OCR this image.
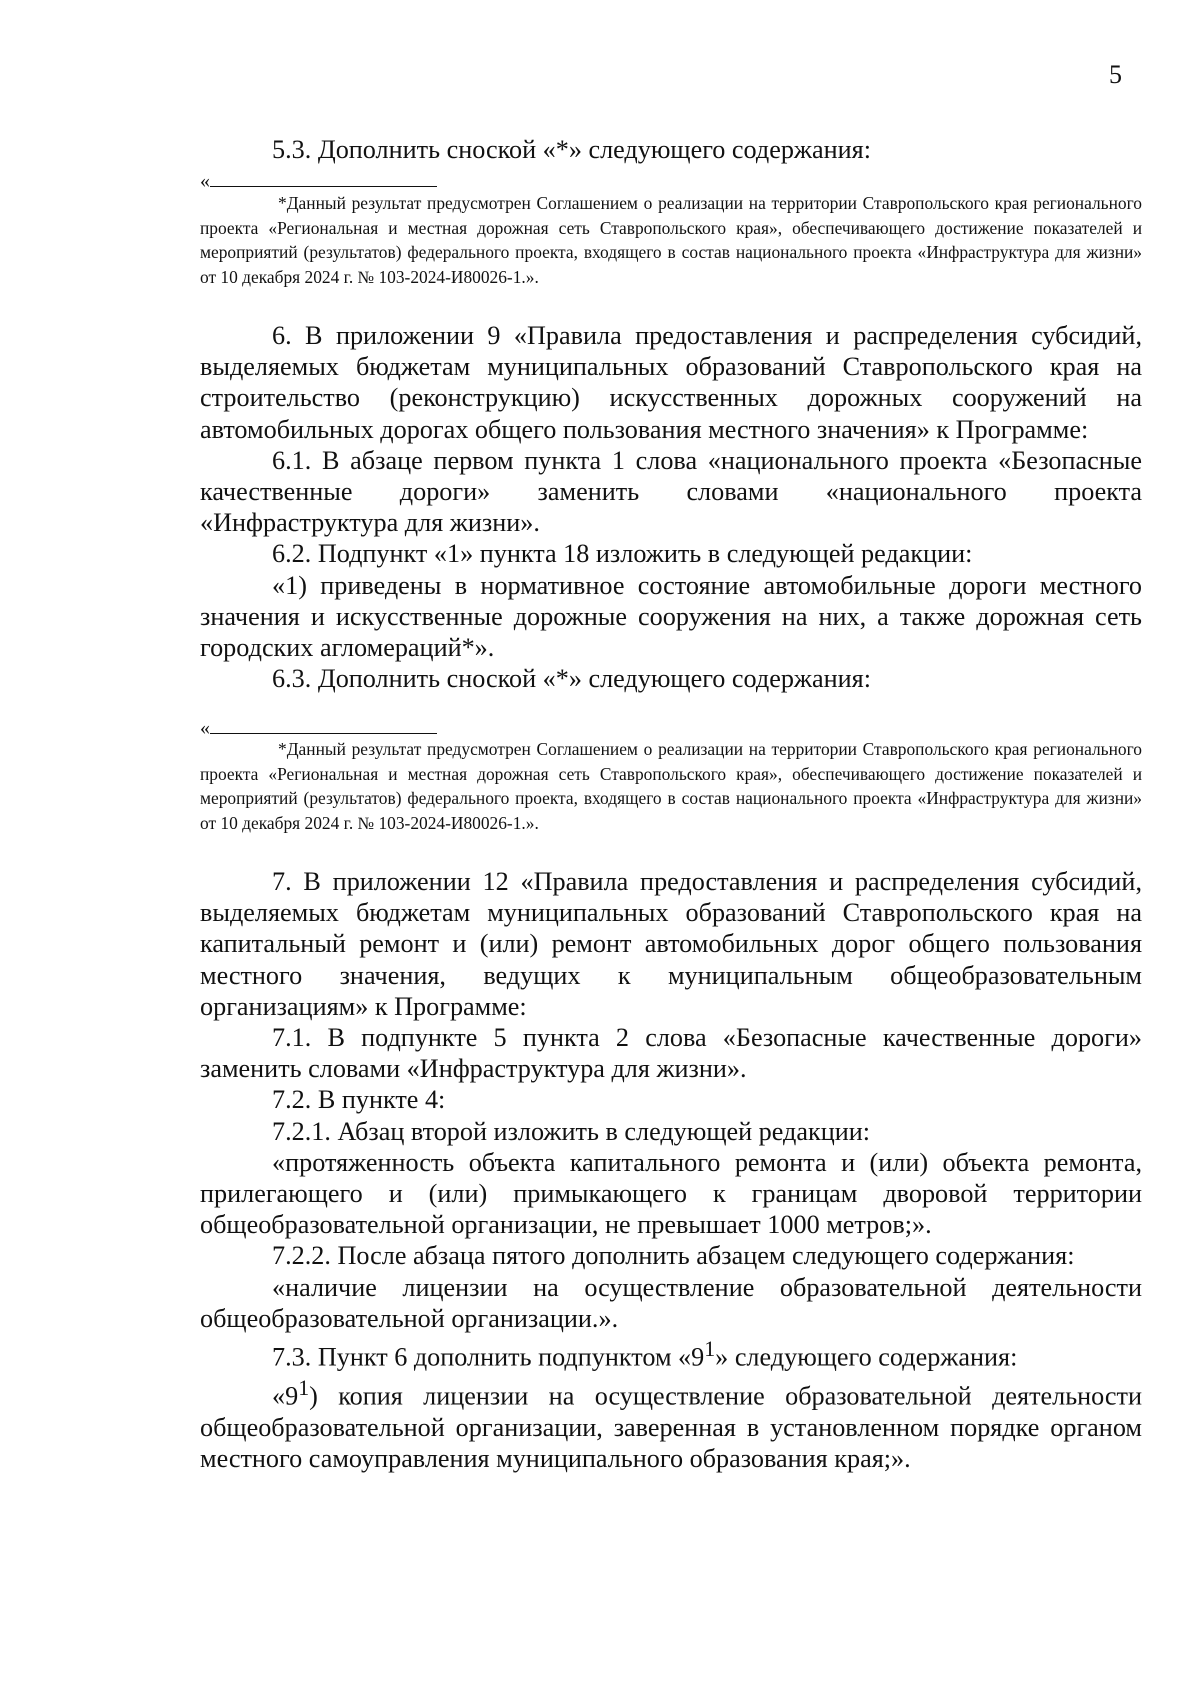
5

5.3. Дополнить сноской «*» следующего содержания:

«

*Данный результат предусмотрен Соглашением о реализации на территории Ставропольского края регионального проекта «Региональная и местная дорожная сеть Ставропольского края», обеспечивающего достижение показателей и мероприятий (результатов) федерального проекта, входящего в состав национального проекта «Инфраструктура для жизни» от 10 декабря 2024 г. № 103-2024-И80026-1.».

6. В приложении 9 «Правила предоставления и распределения субсидий, выделяемых бюджетам муниципальных образований Ставропольского края на строительство (реконструкцию) искусственных дорожных сооружений на автомобильных дорогах общего пользования местного значения» к Программе:

6.1. В абзаце первом пункта 1 слова «национального проекта «Безопасные качественные дороги» заменить словами «национального проекта «Инфраструктура для жизни».

6.2. Подпункт «1» пункта 18 изложить в следующей редакции:

«1) приведены в нормативное состояние автомобильные дороги местного значения и искусственные дорожные сооружения на них, а также дорожная сеть городских агломераций*».

6.3. Дополнить сноской «*» следующего содержания:

«

*Данный результат предусмотрен Соглашением о реализации на территории Ставропольского края регионального проекта «Региональная и местная дорожная сеть Ставропольского края», обеспечивающего достижение показателей и мероприятий (результатов) федерального проекта, входящего в состав национального проекта «Инфраструктура для жизни» от 10 декабря 2024 г. № 103-2024-И80026-1.».

7. В приложении 12 «Правила предоставления и распределения субсидий, выделяемых бюджетам муниципальных образований Ставропольского края на капитальный ремонт и (или) ремонт автомобильных дорог общего пользования местного значения, ведущих к муниципальным общеобразовательным организациям» к Программе:

7.1. В подпункте 5 пункта 2 слова «Безопасные качественные дороги» заменить словами «Инфраструктура для жизни».

7.2. В пункте 4:

7.2.1. Абзац второй изложить в следующей редакции:

«протяженность объекта капитального ремонта и (или) объекта ремонта, прилегающего и (или) примыкающего к границам дворовой территории общеобразовательной организации, не превышает 1000 метров;».

7.2.2. После абзаца пятого дополнить абзацем следующего содержания:

«наличие лицензии на осуществление образовательной деятельности общеобразовательной организации.».

7.3. Пункт 6 дополнить подпунктом «$9^1$» следующего содержания:

«$9^1$) копия лицензии на осуществление образовательной деятельности общеобразовательной организации, заверенная в установленном порядке органом местного самоуправления муниципального образования края;».
